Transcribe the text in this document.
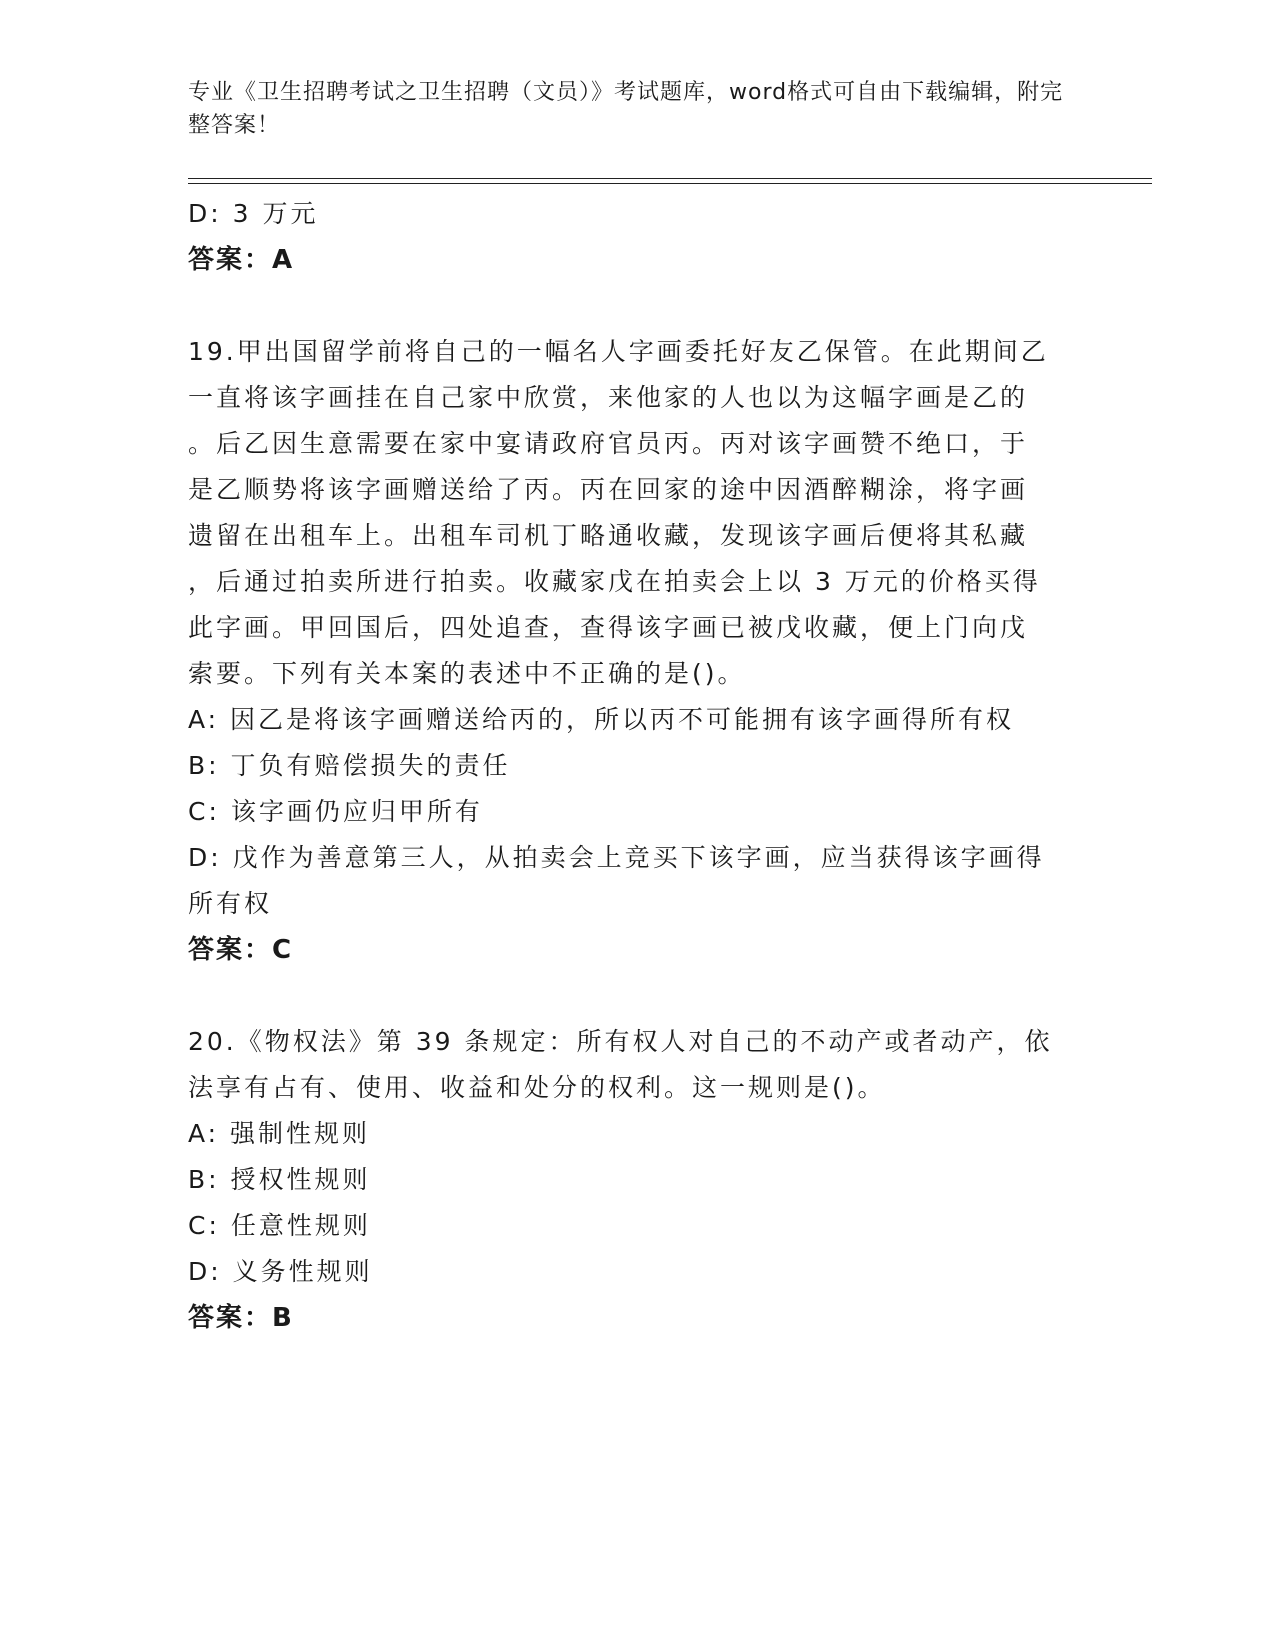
专业《卫生招聘考试之卫生招聘（文员）》考试题库，word格式可自由下载编辑，附完整答案！
D: 3 万元
答案：A
19.甲出国留学前将自己的一幅名人字画委托好友乙保管。在此期间乙
一直将该字画挂在自己家中欣赏，来他家的人也以为这幅字画是乙的
。后乙因生意需要在家中宴请政府官员丙。丙对该字画赞不绝口，于
是乙顺势将该字画赠送给了丙。丙在回家的途中因酒醉糊涂，将字画
遗留在出租车上。出租车司机丁略通收藏，发现该字画后便将其私藏
，后通过拍卖所进行拍卖。收藏家戊在拍卖会上以 3 万元的价格买得
此字画。甲回国后，四处追查，查得该字画已被戊收藏，便上门向戊
索要。下列有关本案的表述中不正确的是()。
A: 因乙是将该字画赠送给丙的，所以丙不可能拥有该字画得所有权
B: 丁负有赔偿损失的责任
C: 该字画仍应归甲所有
D: 戊作为善意第三人，从拍卖会上竞买下该字画，应当获得该字画得
所有权
答案：C
20.《物权法》第 39 条规定：所有权人对自己的不动产或者动产，依
法享有占有、使用、收益和处分的权利。这一规则是()。
A: 强制性规则
B: 授权性规则
C: 任意性规则
D: 义务性规则
答案：B
